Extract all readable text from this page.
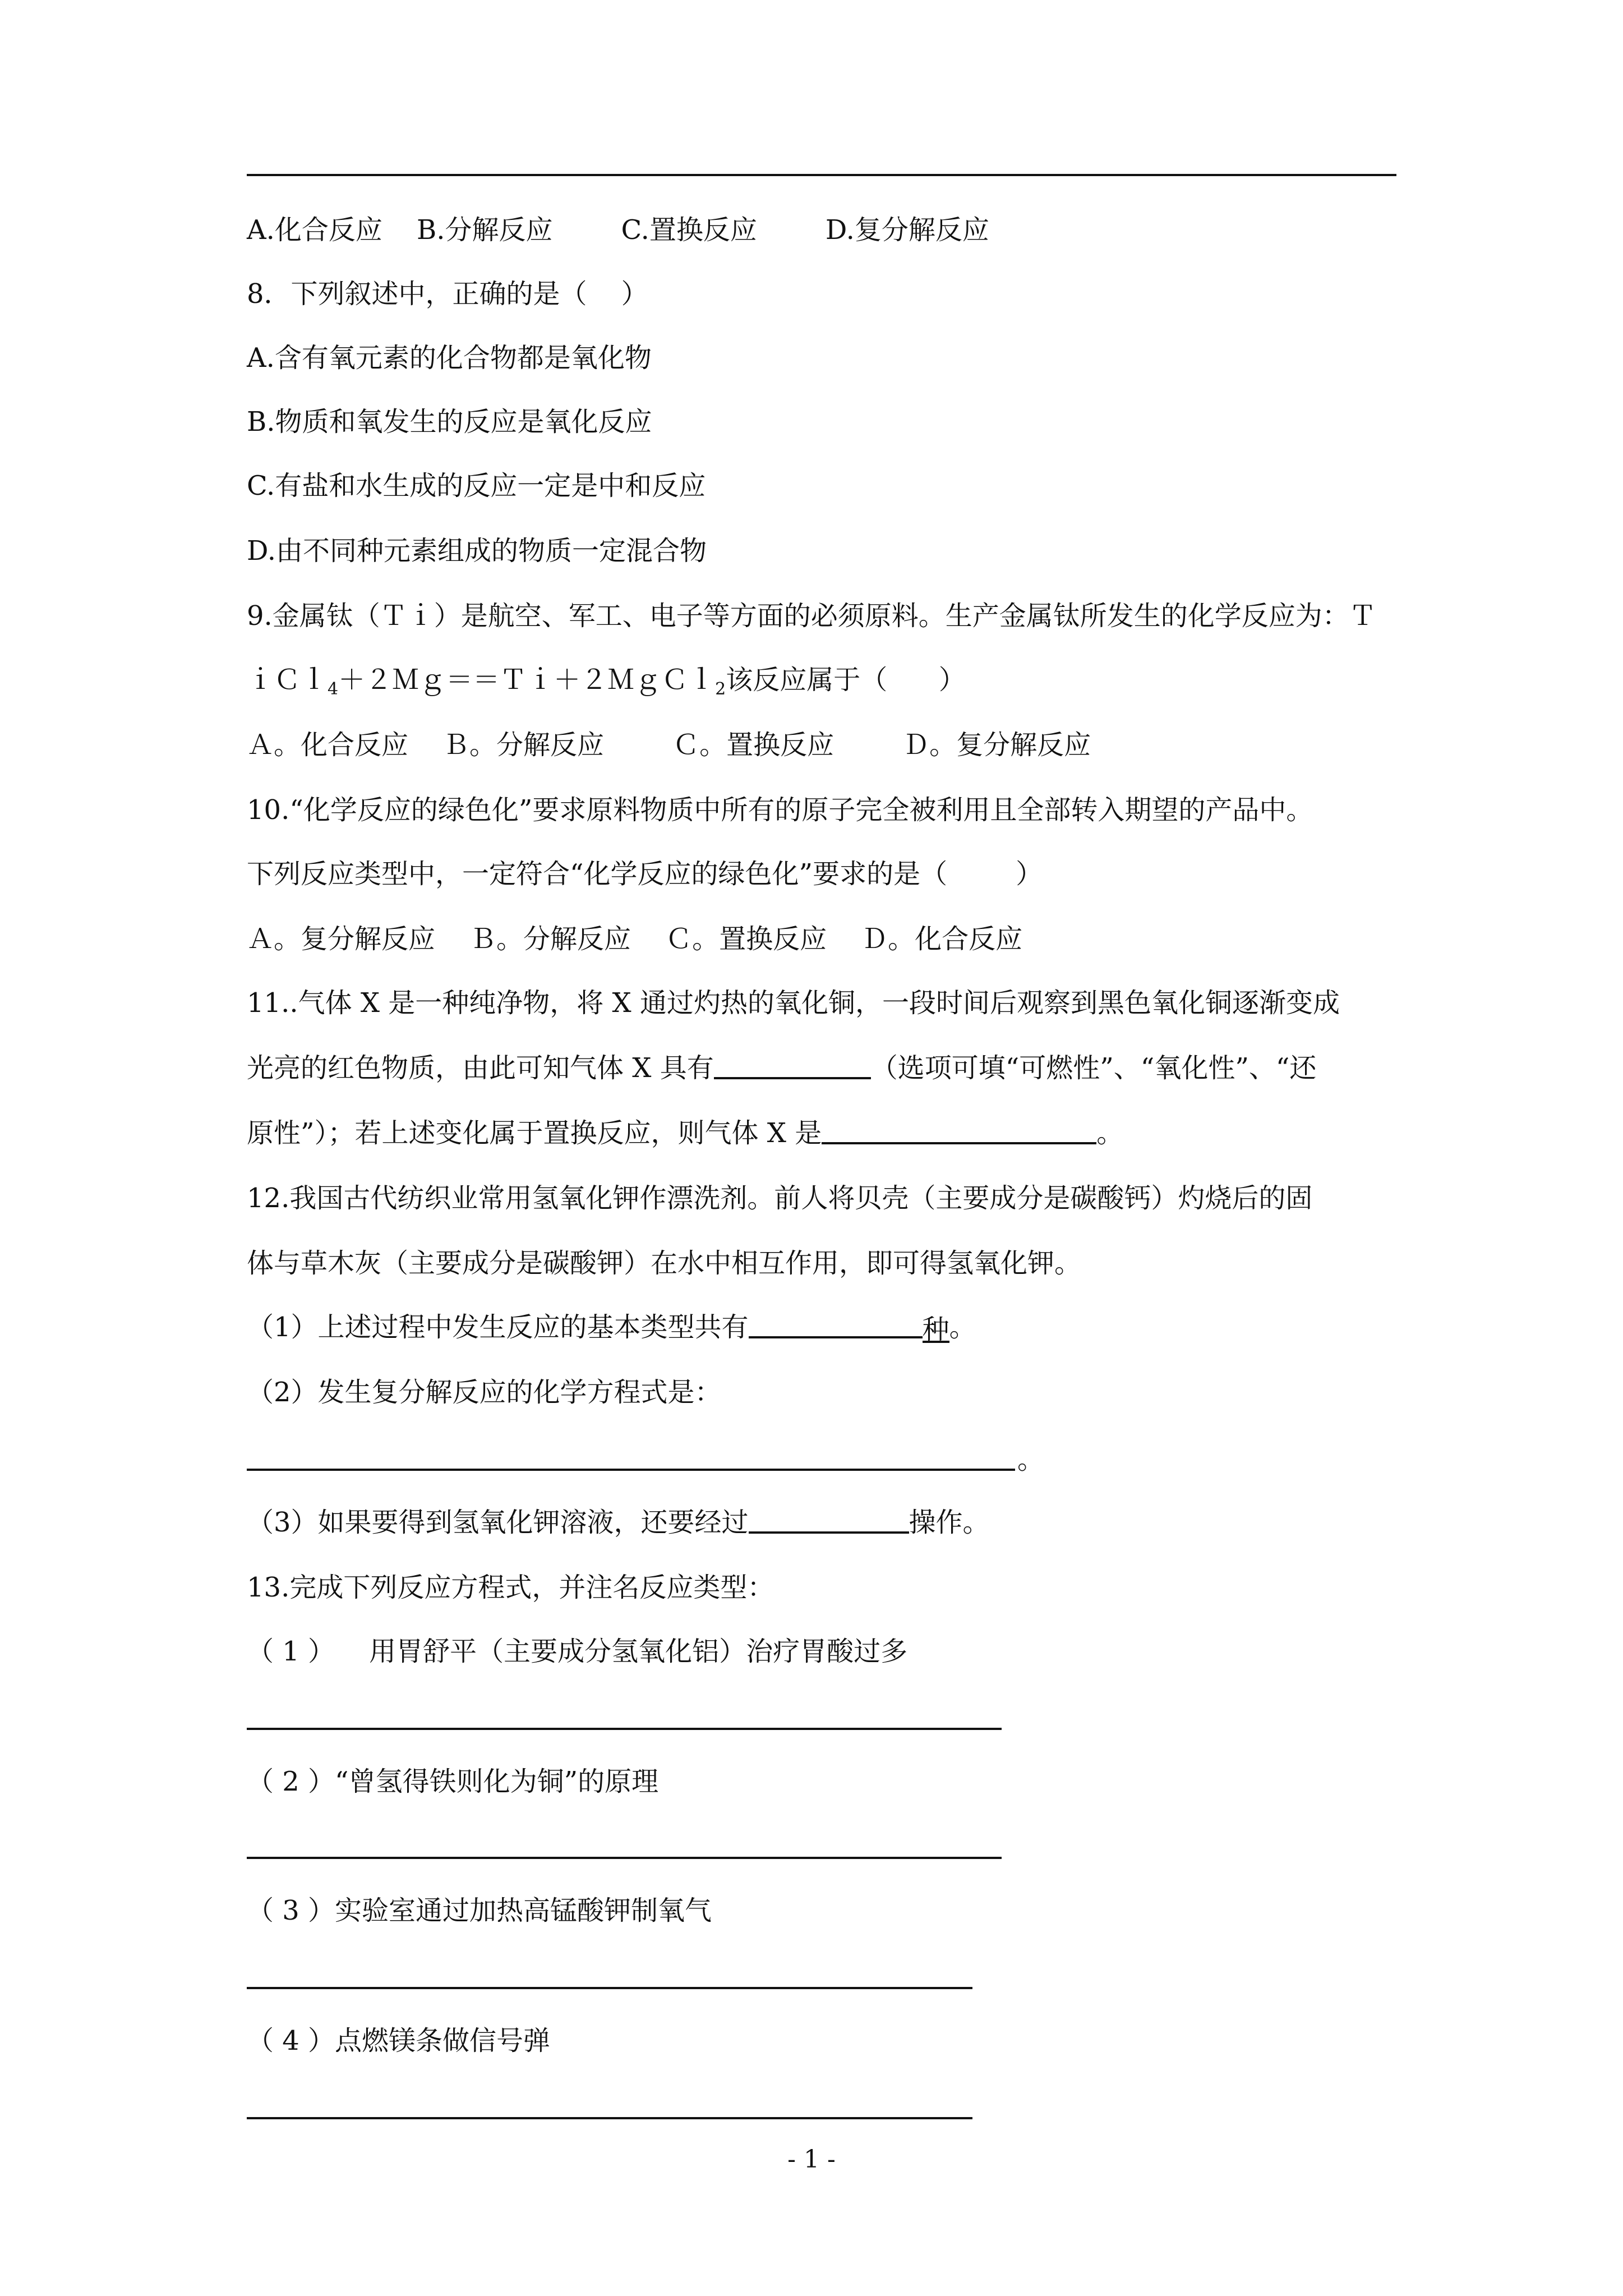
A.化合反应    B.分解反应        C.置换反应        D.复分解反应
8．下列叙述中，正确的是（    ）
A.含有氧元素的化合物都是氧化物
B.物质和氧发生的反应是氧化反应
C.有盐和水生成的反应一定是中和反应
D.由不同种元素组成的物质一定混合物
9.金属钛（Ｔｉ）是航空、军工、电子等方面的必须原料。生产金属钛所发生的化学反应为：Ｔ
ｉＣｌ$_4$＋２Ｍｇ＝＝Ｔｉ＋２ＭｇＣｌ$_2$该反应属于（      ）
Ａ。化合反应    Ｂ。分解反应        Ｃ。置换反应        Ｄ。复分解反应
10.“化学反应的绿色化”要求原料物质中所有的原子完全被利用且全部转入期望的产品中。
下列反应类型中，一定符合“化学反应的绿色化”要求的是（        ）
Ａ。复分解反应    Ｂ。分解反应    Ｃ。置换反应    Ｄ。化合反应
11..气体 X 是一种纯净物，将 X 通过灼热的氧化铜，一段时间后观察到黑色氧化铜逐渐变成
光亮的红色物质，由此可知气体 X 具有	（选项可填“可燃性”、“氧化性”、“还
原性”）；若上述变化属于置换反应，则气体 X 是	。
12.我国古代纺织业常用氢氧化钾作漂洗剂。前人将贝壳（主要成分是碳酸钙）灼烧后的固
体与草木灰（主要成分是碳酸钾）在水中相互作用，即可得氢氧化钾。
（1）上述过程中发生反应的基本类型共有	种。
（2）发生复分解反应的化学方程式是：
。
（3）如果要得到氢氧化钾溶液，还要经过	操作。
13.完成下列反应方程式，并注名反应类型：
（ 1 ）    用胃舒平（主要成分氢氧化铝）治疗胃酸过多
（ 2 ）“曾氢得铁则化为铜”的原理
（ 3 ）实验室通过加热高锰酸钾制氧气
（ 4 ）点燃镁条做信号弹
- 1 -
